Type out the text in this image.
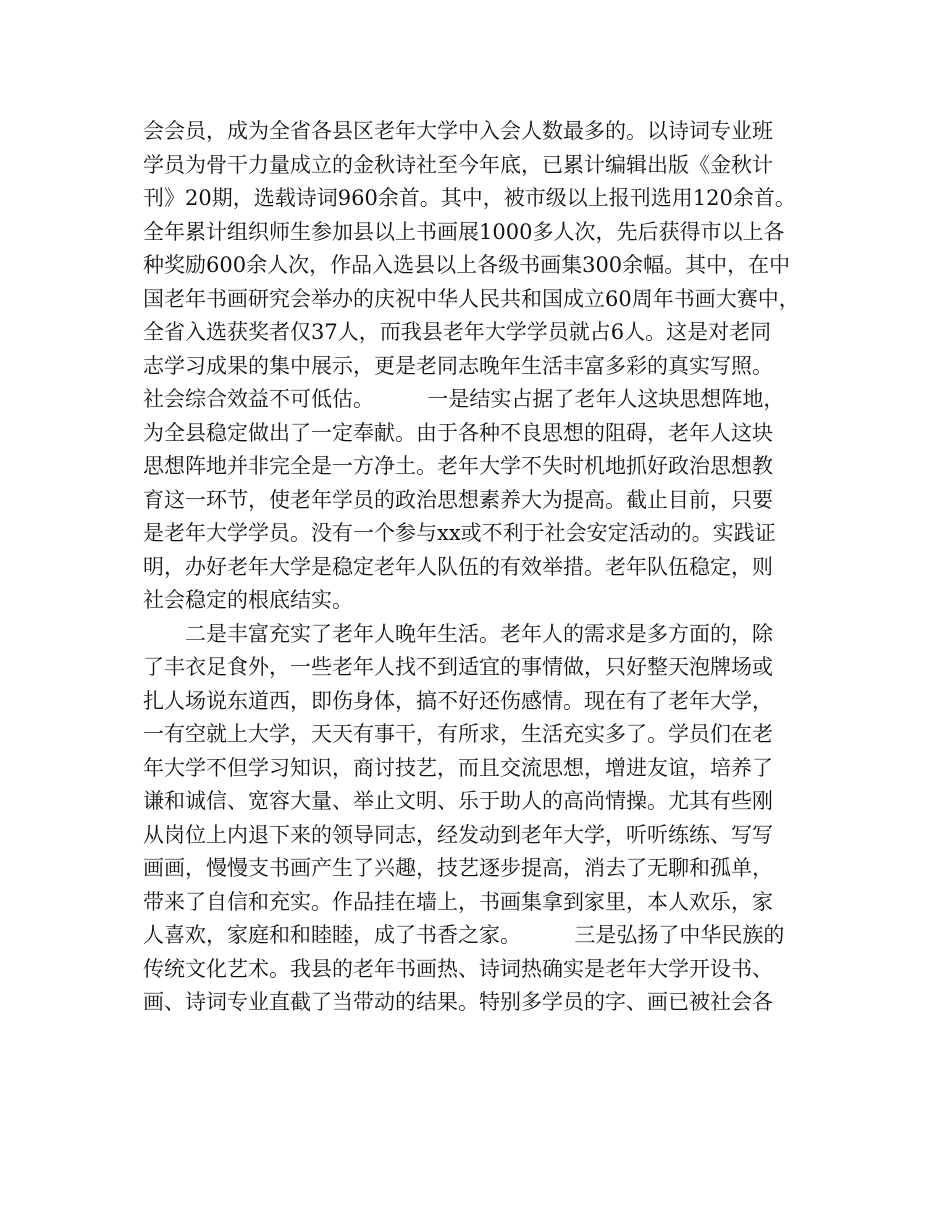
会会员，成为全省各县区老年大学中入会人数最多的。以诗词专业班
学员为骨干力量成立的金秋诗社至今年底，已累计编辑出版《金秋计
刊》20期，选载诗词960余首。其中，被市级以上报刊选用120余首。
全年累计组织师生参加县以上书画展1000多人次，先后获得市以上各
种奖励600余人次，作品入选县以上各级书画集300余幅。其中，在中
国老年书画研究会举办的庆祝中华人民共和国成立60周年书画大赛中，
全省入选获奖者仅37人，而我县老年大学学员就占6人。这是对老同
志学习成果的集中展示，更是老同志晚年生活丰富多彩的真实写照。
社会综合效益不可低估。        一是结实占据了老年人这块思想阵地，
为全县稳定做出了一定奉献。由于各种不良思想的阻碍，老年人这块
思想阵地并非完全是一方净土。老年大学不失时机地抓好政治思想教
育这一环节，使老年学员的政治思想素养大为提高。截止目前，只要
是老年大学学员。没有一个参与xx或不利于社会安定活动的。实践证
明，办好老年大学是稳定老年人队伍的有效举措。老年队伍稳定，则
社会稳定的根底结实。
二是丰富充实了老年人晚年生活。老年人的需求是多方面的，除
了丰衣足食外，一些老年人找不到适宜的事情做，只好整天泡牌场或
扎人场说东道西，即伤身体，搞不好还伤感情。现在有了老年大学，
一有空就上大学，天天有事干，有所求，生活充实多了。学员们在老
年大学不但学习知识，商讨技艺，而且交流思想，增进友谊，培养了
谦和诚信、宽容大量、举止文明、乐于助人的高尚情操。尤其有些刚
从岗位上内退下来的领导同志，经发动到老年大学，听听练练、写写
画画，慢慢支书画产生了兴趣，技艺逐步提高，消去了无聊和孤单，
带来了自信和充实。作品挂在墙上，书画集拿到家里，本人欢乐，家
人喜欢，家庭和和睦睦，成了书香之家。        三是弘扬了中华民族的
传统文化艺术。我县的老年书画热、诗词热确实是老年大学开设书、
画、诗词专业直截了当带动的结果。特别多学员的字、画已被社会各
